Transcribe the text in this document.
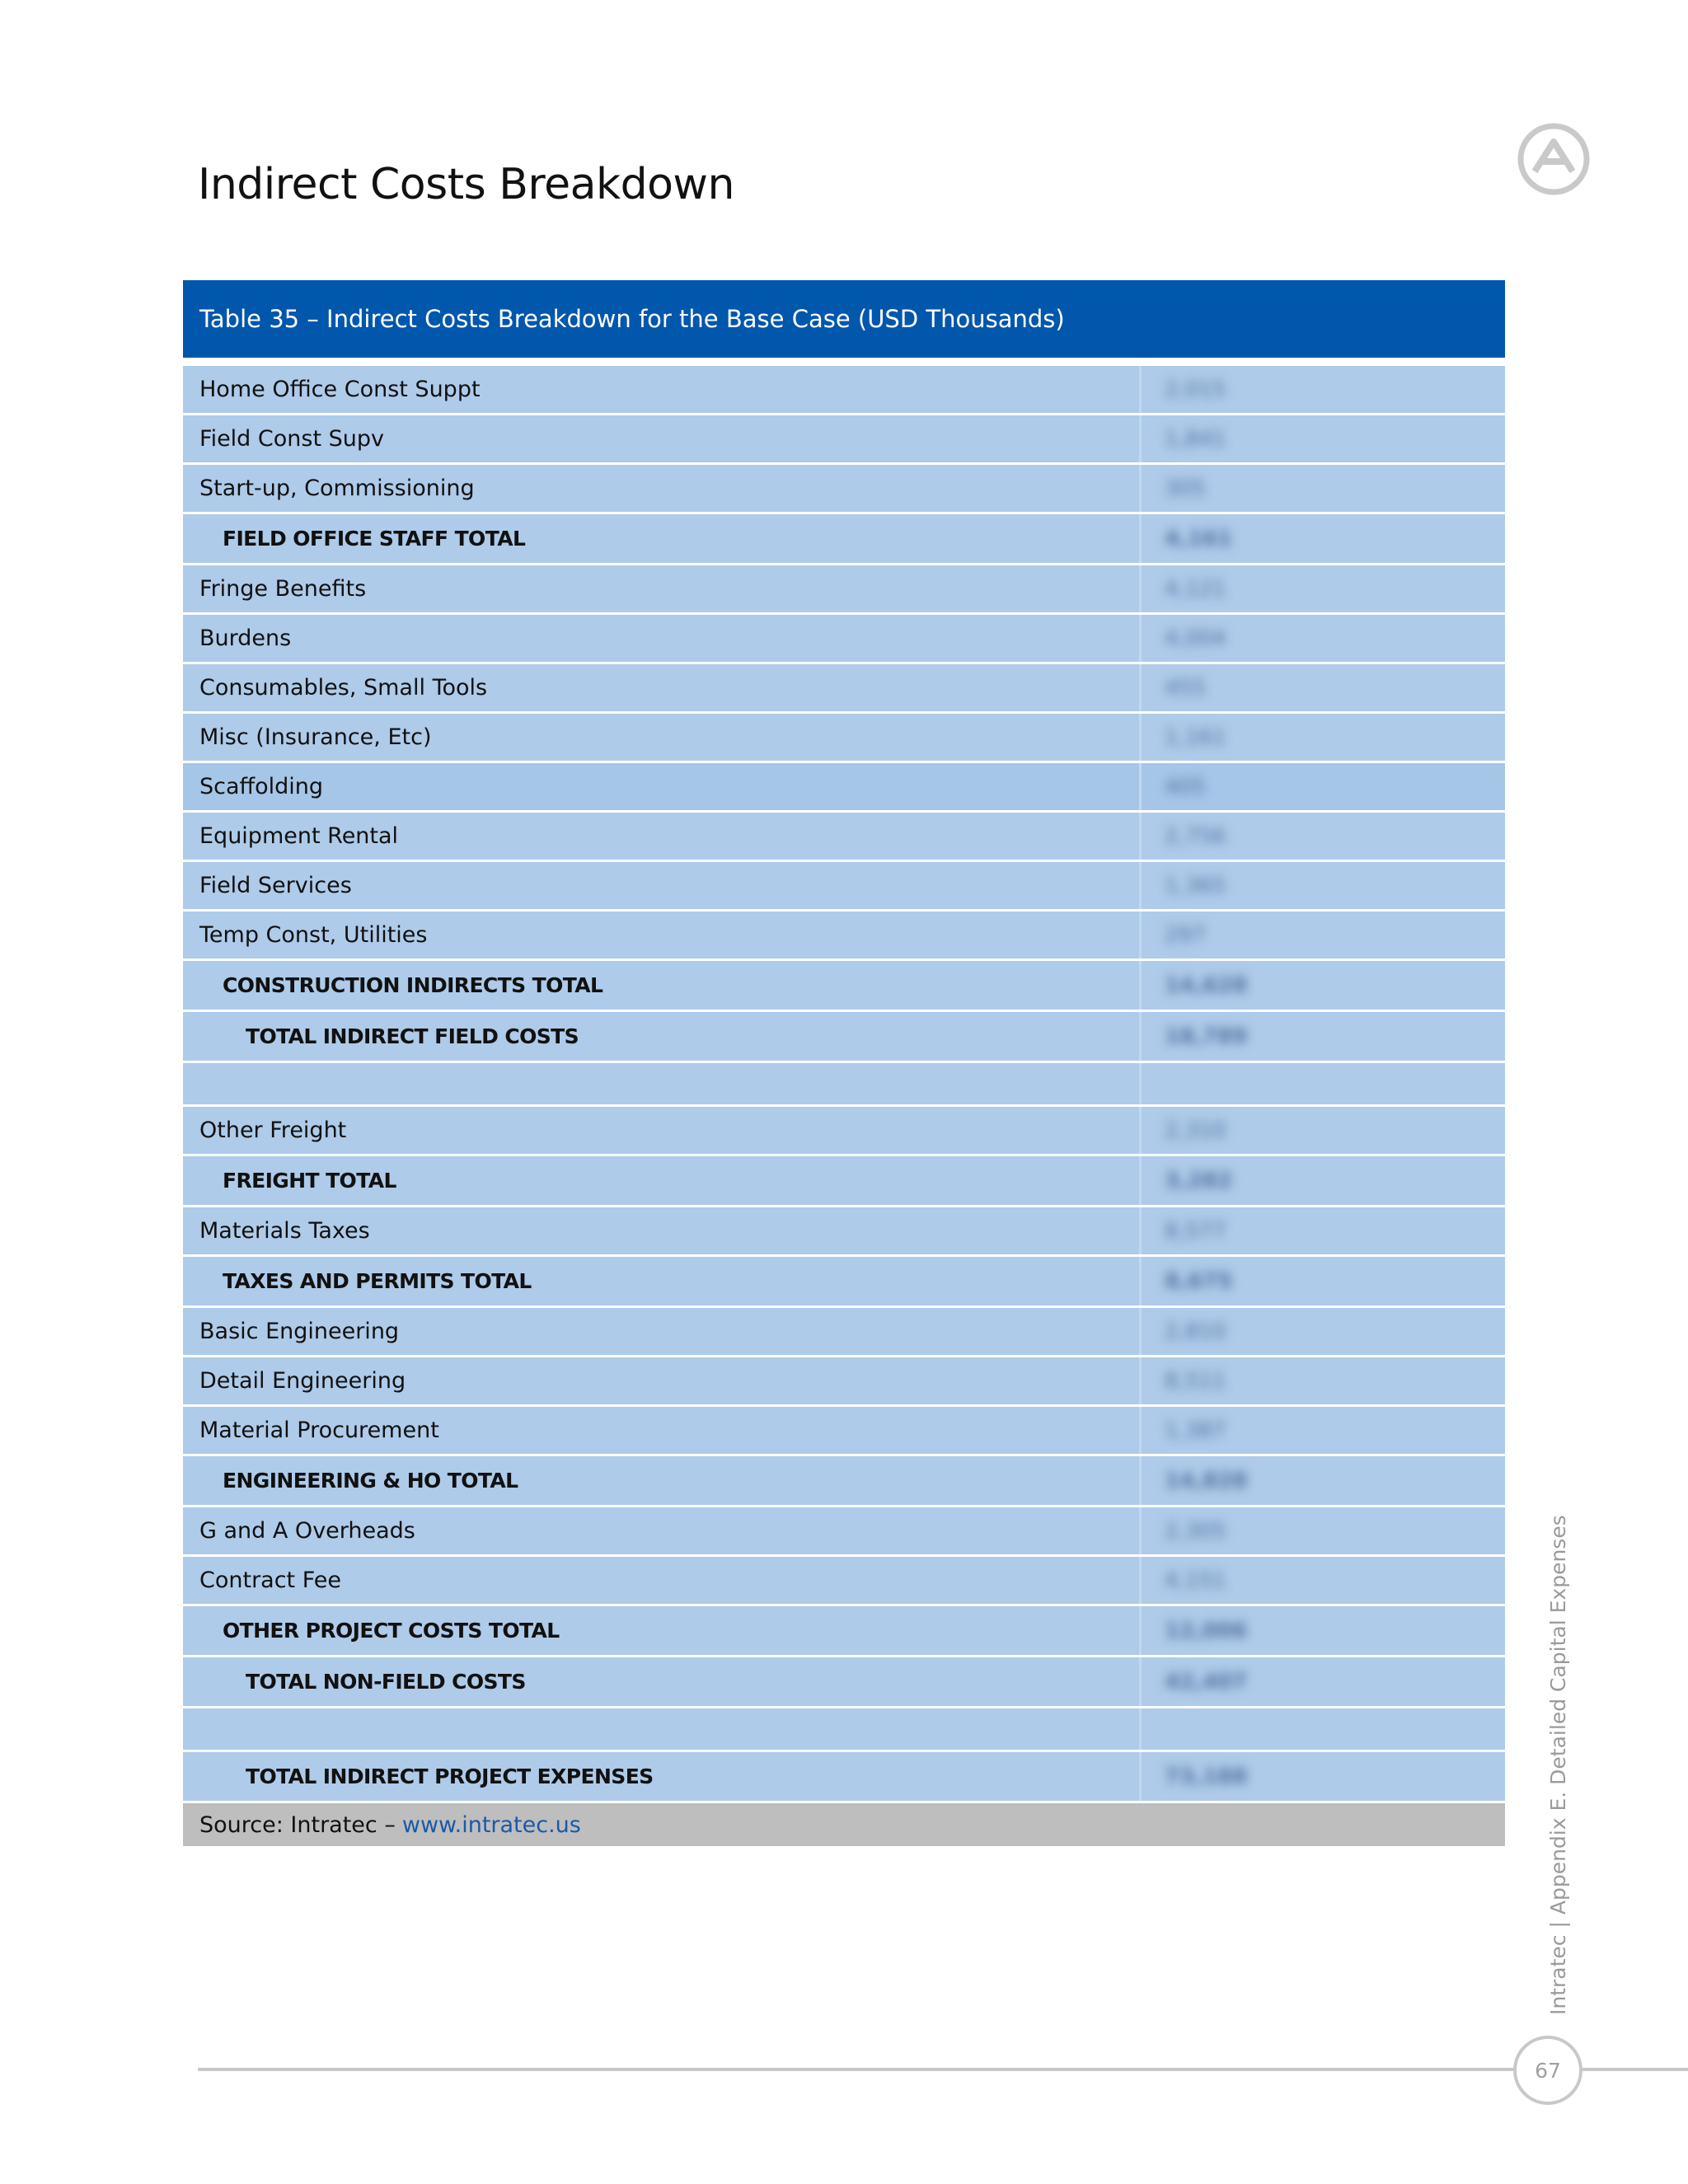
Indirect Costs Breakdown
Table 35 – Indirect Costs Breakdown for the Base Case (USD Thousands)
Home Office Const Suppt	2,015
Field Const Supv	1,841
Start-up, Commissioning	305
FIELD OFFICE STAFF TOTAL	4,161
Fringe Benefits	4,121
Burdens	4,004
Consumables, Small Tools	455
Misc (Insurance, Etc)	1,161
Scaffolding	405
Equipment Rental	2,756
Field Services	1,365
Temp Const, Utilities	297
CONSTRUCTION INDIRECTS TOTAL	14,628
TOTAL INDIRECT FIELD COSTS	18,789
Other Freight	2,310
FREIGHT TOTAL	3,282
Materials Taxes	8,577
TAXES AND PERMITS TOTAL	8,675
Basic Engineering	2,810
Detail Engineering	8,511
Material Procurement	1,387
ENGINEERING & HO TOTAL	14,828
G and A Overheads	2,305
Contract Fee	4,151
OTHER PROJECT COSTS TOTAL	12,006
TOTAL NON-FIELD COSTS	42,407
TOTAL INDIRECT PROJECT EXPENSES	73,188
Source: Intratec – www.intratec.us	Intratec | Appendix E. Detailed Capital Expenses
67
